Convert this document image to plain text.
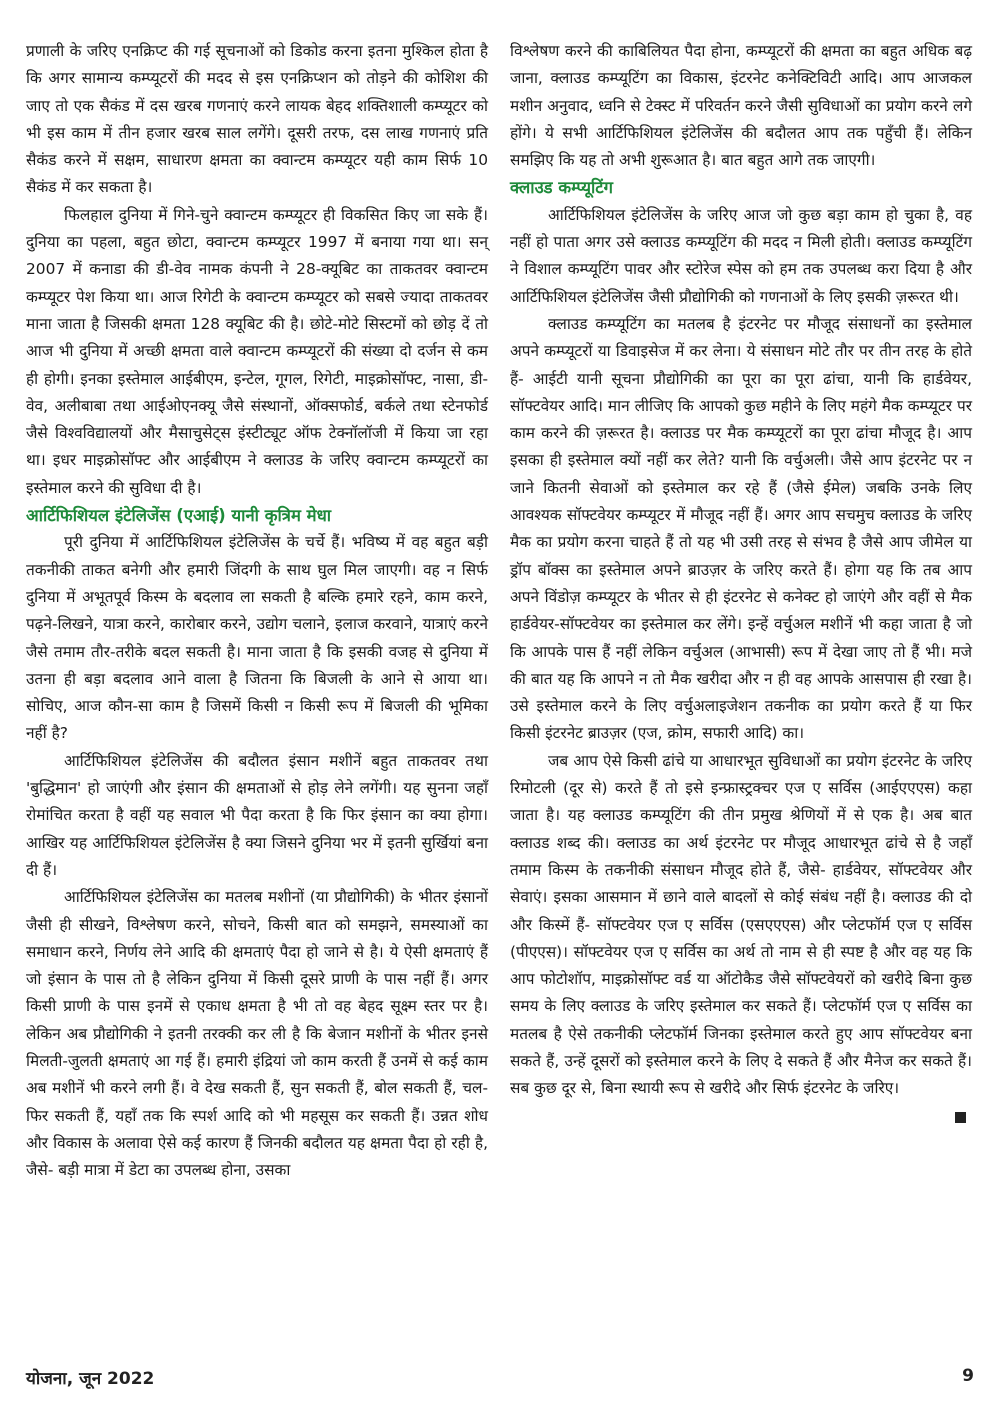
प्रणाली के जरिए एनक्रिप्ट की गई सूचनाओं को डिकोड करना इतना मुश्किल होता है कि अगर सामान्य कम्प्यूटरों की मदद से इस एनक्रिप्शन को तोड़ने की कोशिश की जाए तो एक सैकंड में दस खरब गणनाएं करने लायक बेहद शक्तिशाली कम्प्यूटर को भी इस काम में तीन हजार खरब साल लगेंगे। दूसरी तरफ, दस लाख गणनाएं प्रति सैकंड करने में सक्षम, साधारण क्षमता का क्वान्टम कम्प्यूटर यही काम सिर्फ 10 सैकंड में कर सकता है।

फिलहाल दुनिया में गिने-चुने क्वान्टम कम्प्यूटर ही विकसित किए जा सके हैं। दुनिया का पहला, बहुत छोटा, क्वान्टम कम्प्यूटर 1997 में बनाया गया था। सन् 2007 में कनाडा की डी-वेव नामक कंपनी ने 28-क्यूबिट का ताकतवर क्वान्टम कम्प्यूटर पेश किया था। आज रिगेटी के क्वान्टम कम्प्यूटर को सबसे ज्यादा ताकतवर माना जाता है जिसकी क्षमता 128 क्यूबिट की है। छोटे-मोटे सिस्टमों को छोड़ दें तो आज भी दुनिया में अच्छी क्षमता वाले क्वान्टम कम्प्यूटरों की संख्या दो दर्जन से कम ही होगी। इनका इस्तेमाल आईबीएम, इन्टेल, गूगल, रिगेटी, माइक्रोसॉफ्ट, नासा, डी-वेव, अलीबाबा तथा आईओएनक्यू जैसे संस्थानों, ऑक्सफोर्ड, बर्कले तथा स्टेनफोर्ड जैसे विश्वविद्यालयों और मैसाचुसेट्स इंस्टीट्यूट ऑफ टेक्नॉलॉजी में किया जा रहा था। इधर माइक्रोसॉफ्ट और आईबीएम ने क्लाउड के जरिए क्वान्टम कम्प्यूटरों का इस्तेमाल करने की सुविधा दी है।

आर्टिफिशियल इंटेलिजेंस (एआई) यानी कृत्रिम मेधा

पूरी दुनिया में आर्टिफिशियल इंटेलिजेंस के चर्चे हैं। भविष्य में वह बहुत बड़ी तकनीकी ताकत बनेगी और हमारी जिंदगी के साथ घुल मिल जाएगी। वह न सिर्फ दुनिया में अभूतपूर्व किस्म के बदलाव ला सकती है बल्कि हमारे रहने, काम करने, पढ़ने-लिखने, यात्रा करने, कारोबार करने, उद्योग चलाने, इलाज करवाने, यात्राएं करने जैसे तमाम तौर-तरीके बदल सकती है। माना जाता है कि इसकी वजह से दुनिया में उतना ही बड़ा बदलाव आने वाला है जितना कि बिजली के आने से आया था। सोचिए, आज कौन-सा काम है जिसमें किसी न किसी रूप में बिजली की भूमिका नहीं है?

आर्टिफिशियल इंटेलिजेंस की बदौलत इंसान मशीनें बहुत ताकतवर तथा 'बुद्धिमान' हो जाएंगी और इंसान की क्षमताओं से होड़ लेने लगेंगी। यह सुनना जहाँ रोमांचित करता है वहीं यह सवाल भी पैदा करता है कि फिर इंसान का क्या होगा। आखिर यह आर्टिफिशियल इंटेलिजेंस है क्या जिसने दुनिया भर में इतनी सुर्खियां बना दी हैं।

आर्टिफिशियल इंटेलिजेंस का मतलब मशीनों (या प्रौद्योगिकी) के भीतर इंसानों जैसी ही सीखने, विश्लेषण करने, सोचने, किसी बात को समझने, समस्याओं का समाधान करने, निर्णय लेने आदि की क्षमताएं पैदा हो जाने से है। ये ऐसी क्षमताएं हैं जो इंसान के पास तो है लेकिन दुनिया में किसी दूसरे प्राणी के पास नहीं हैं। अगर किसी प्राणी के पास इनमें से एकाध क्षमता है भी तो वह बेहद सूक्ष्म स्तर पर है। लेकिन अब प्रौद्योगिकी ने इतनी तरक्की कर ली है कि बेजान मशीनों के भीतर इनसे मिलती-जुलती क्षमताएं आ गई हैं। हमारी इंद्रियां जो काम करती हैं उनमें से कई काम अब मशीनें भी करने लगी हैं। वे देख सकती हैं, सुन सकती हैं, बोल सकती हैं, चल-फिर सकती हैं, यहाँ तक कि स्पर्श आदि को भी महसूस कर सकती हैं। उन्नत शोध और विकास के अलावा ऐसे कई कारण हैं जिनकी बदौलत यह क्षमता पैदा हो रही है, जैसे- बड़ी मात्रा में डेटा का उपलब्ध होना, उसका

विश्लेषण करने की काबिलियत पैदा होना, कम्प्यूटरों की क्षमता का बहुत अधिक बढ़ जाना, क्लाउड कम्प्यूटिंग का विकास, इंटरनेट कनेक्टिविटी आदि। आप आजकल मशीन अनुवाद, ध्वनि से टेक्स्ट में परिवर्तन करने जैसी सुविधाओं का प्रयोग करने लगे होंगे। ये सभी आर्टिफिशियल इंटेलिजेंस की बदौलत आप तक पहुँची हैं। लेकिन समझिए कि यह तो अभी शुरूआत है। बात बहुत आगे तक जाएगी।

क्लाउड कम्प्यूटिंग

आर्टिफिशियल इंटेलिजेंस के जरिए आज जो कुछ बड़ा काम हो चुका है, वह नहीं हो पाता अगर उसे क्लाउड कम्प्यूटिंग की मदद न मिली होती। क्लाउड कम्प्यूटिंग ने विशाल कम्प्यूटिंग पावर और स्टोरेज स्पेस को हम तक उपलब्ध करा दिया है और आर्टिफिशियल इंटेलिजेंस जैसी प्रौद्योगिकी को गणनाओं के लिए इसकी ज़रूरत थी।

क्लाउड कम्प्यूटिंग का मतलब है इंटरनेट पर मौजूद संसाधनों का इस्तेमाल अपने कम्प्यूटरों या डिवाइसेज में कर लेना। ये संसाधन मोटे तौर पर तीन तरह के होते हैं- आईटी यानी सूचना प्रौद्योगिकी का पूरा का पूरा ढांचा, यानी कि हार्डवेयर, सॉफ्टवेयर आदि। मान लीजिए कि आपको कुछ महीने के लिए महंगे मैक कम्प्यूटर पर काम करने की ज़रूरत है। क्लाउड पर मैक कम्प्यूटरों का पूरा ढांचा मौजूद है। आप इसका ही इस्तेमाल क्यों नहीं कर लेते? यानी कि वर्चुअली। जैसे आप इंटरनेट पर न जाने कितनी सेवाओं को इस्तेमाल कर रहे हैं (जैसे ईमेल) जबकि उनके लिए आवश्यक सॉफ्टवेयर कम्प्यूटर में मौजूद नहीं हैं। अगर आप सचमुच क्लाउड के जरिए मैक का प्रयोग करना चाहते हैं तो यह भी उसी तरह से संभव है जैसे आप जीमेल या ड्रॉप बॉक्स का इस्तेमाल अपने ब्राउज़र के जरिए करते हैं। होगा यह कि तब आप अपने विंडोज़ कम्प्यूटर के भीतर से ही इंटरनेट से कनेक्ट हो जाएंगे और वहीं से मैक हार्डवेयर-सॉफ्टवेयर का इस्तेमाल कर लेंगे। इन्हें वर्चुअल मशीनें भी कहा जाता है जो कि आपके पास हैं नहीं लेकिन वर्चुअल (आभासी) रूप में देखा जाए तो हैं भी। मजे की बात यह कि आपने न तो मैक खरीदा और न ही वह आपके आसपास ही रखा है। उसे इस्तेमाल करने के लिए वर्चुअलाइजेशन तकनीक का प्रयोग करते हैं या फिर किसी इंटरनेट ब्राउज़र (एज, क्रोम, सफारी आदि) का।

जब आप ऐसे किसी ढांचे या आधारभूत सुविधाओं का प्रयोग इंटरनेट के जरिए रिमोटली (दूर से) करते हैं तो इसे इन्फ्रास्ट्रक्चर एज ए सर्विस (आईएएएस) कहा जाता है। यह क्लाउड कम्प्यूटिंग की तीन प्रमुख श्रेणियों में से एक है। अब बात क्लाउड शब्द की। क्लाउड का अर्थ इंटरनेट पर मौजूद आधारभूत ढांचे से है जहाँ तमाम किस्म के तकनीकी संसाधन मौजूद होते हैं, जैसे- हार्डवेयर, सॉफ्टवेयर और सेवाएं। इसका आसमान में छाने वाले बादलों से कोई संबंध नहीं है। क्लाउड की दो और किस्में हैं- सॉफ्टवेयर एज ए सर्विस (एसएएएस) और प्लेटफॉर्म एज ए सर्विस (पीएएस)। सॉफ्टवेयर एज ए सर्विस का अर्थ तो नाम से ही स्पष्ट है और वह यह कि आप फोटोशॉप, माइक्रोसॉफ्ट वर्ड या ऑटोकैड जैसे सॉफ्टवेयरों को खरीदे बिना कुछ समय के लिए क्लाउड के जरिए इस्तेमाल कर सकते हैं। प्लेटफॉर्म एज ए सर्विस का मतलब है ऐसे तकनीकी प्लेटफॉर्म जिनका इस्तेमाल करते हुए आप सॉफ्टवेयर बना सकते हैं, उन्हें दूसरों को इस्तेमाल करने के लिए दे सकते हैं और मैनेज कर सकते हैं। सब कुछ दूर से, बिना स्थायी रूप से खरीदे और सिर्फ इंटरनेट के जरिए।

योजना, जून 2022	9
